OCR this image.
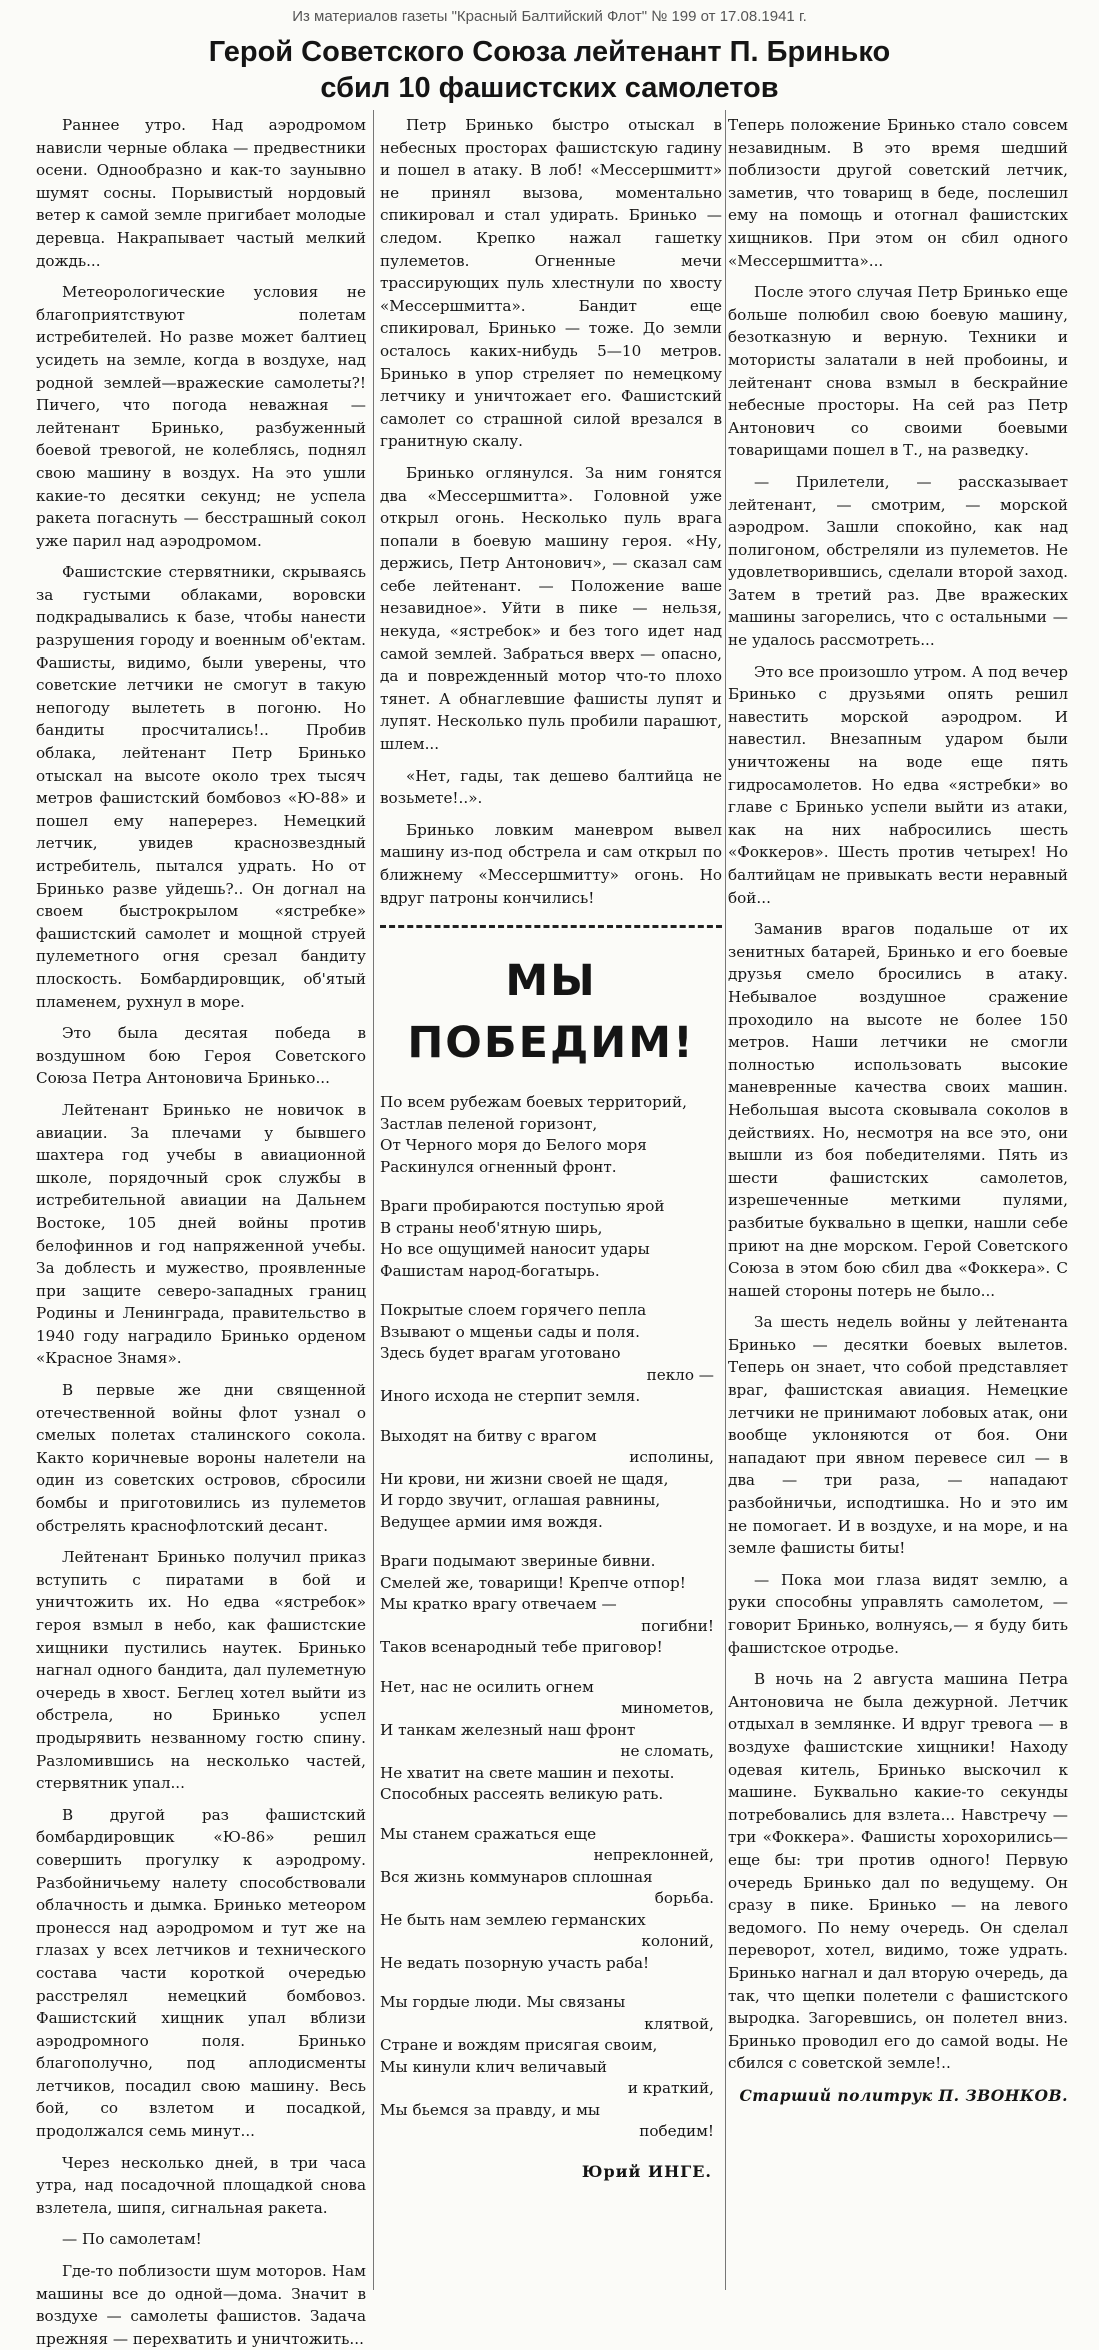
Из материалов газеты "Красный Балтийский Флот" № 199 от 17.08.1941 г.
Герой Советского Союза лейтенант П. Бринько
сбил 10 фашистских самолетов

Раннее утро. Над аэродромом нависли черные облака — предвестники осени. Однообразно и как-то заунывно шумят сосны. Порывистый нордовый ветер к самой земле пригибает молодые деревца. Накрапывает частый мелкий дождь...

Метеорологические условия не благоприятствуют полетам истребителей. Но разве может балтиец усидеть на земле, когда в воздухе, над родной землей—вражеские самолеты?! Пичего, что погода неважная — лейтенант Бринько, разбуженный боевой тревогой, не колеблясь, поднял свою машину в воздух. На это ушли какие-то десятки секунд; не успела ракета погаснуть — бесстрашный сокол уже парил над аэродромом.

Фашистские стервятники, скрываясь за густыми облаками, воровски подкрадывались к базе, чтобы нанести разрушения городу и военным об'ектам. Фашисты, видимо, были уверены, что советские летчики не смогут в такую непогоду вылететь в погоню. Но бандиты просчитались!.. Пробив облака, лейтенант Петр Бринько отыскал на высоте около трех тысяч метров фашистский бомбовоз «Ю-88» и пошел ему наперерез. Немецкий летчик, увидев краснозвездный истребитель, пытался удрать. Но от Бринько разве уйдешь?.. Он догнал на своем быстрокрылом «ястребке» фашистский самолет и мощной струей пулеметного огня срезал бандиту плоскость. Бомбардировщик, об'ятый пламенем, рухнул в море.

Это была десятая победа в воздушном бою Героя Советского Союза Петра Антоновича Бринько...

Лейтенант Бринько не новичок в авиации. За плечами у бывшего шахтера год учебы в авиационной школе, порядочный срок службы в истребительной авиации на Дальнем Востоке, 105 дней войны против белофиннов и год напряженной учебы. За доблесть и мужество, проявленные при защите северо-западных границ Родины и Ленинграда, правительство в 1940 году наградило Бринько орденом «Красное Знамя».

В первые же дни священной отечественной войны флот узнал о смелых полетах сталинского сокола. Както коричневые вороны налетели на один из советских островов, сбросили бомбы и приготовились из пулеметов обстрелять краснофлотский десант.

Лейтенант Бринько получил приказ вступить с пиратами в бой и уничтожить их. Но едва «ястребок» героя взмыл в небо, как фашистские хищники пустились наутек. Бринько нагнал одного бандита, дал пулеметную очередь в хвост. Беглец хотел выйти из обстрела, но Бринько успел продырявить незванному гостю спину. Разломившись на несколько частей, стервятник упал...

В другой раз фашистский бомбардировщик «Ю-86» решил совершить прогулку к аэродрому. Разбойничьему налету способствовали облачность и дымка. Бринько метеором пронесся над аэродромом и тут же на глазах у всех летчиков и технического состава части короткой очередью расстрелял немецкий бомбовоз. Фашистский хищник упал вблизи аэродромного поля. Бринько благополучно, под аплодисменты летчиков, посадил свою машину. Весь бой, со взлетом и посадкой, продолжался семь минут...

Через несколько дней, в три часа утра, над посадочной площадкой снова взлетела, шипя, сигнальная ракета.

— По самолетам!

Где-то поблизости шум моторов. Нам машины все до одной—дома. Значит в воздухе — самолеты фашистов. Задача прежняя — перехватить и уничтожить...

Петр Бринько быстро отыскал в небесных просторах фашистскую гадину и пошел в атаку. В лоб! «Мессершмитт» не принял вызова, моментально спикировал и стал удирать. Бринько — следом. Крепко нажал гашетку пулеметов. Огненные мечи трассирующих пуль хлестнули по хвосту «Мессершмитта». Бандит еще спикировал, Бринько — тоже. До земли осталось каких-нибудь 5—10 метров. Бринько в упор стреляет по немецкому летчику и уничтожает его. Фашистский самолет со страшной силой врезался в гранитную скалу.

Бринько оглянулся. За ним гонятся два «Мессершмитта». Головной уже открыл огонь. Несколько пуль врага попали в боевую машину героя. «Ну, держись, Петр Антонович», — сказал сам себе лейтенант. — Положение ваше незавидное». Уйти в пике — нельзя, некуда, «ястребок» и без того идет над самой землей. Забраться вверх — опасно, да и поврежденный мотор что-то плохо тянет. А обнаглевшие фашисты лупят и лупят. Несколько пуль пробили парашют, шлем...

«Нет, гады, так дешево балтийца не возьмете!..».

Бринько ловким маневром вывел машину из-под обстрела и сам открыл по ближнему «Мессершмитту» огонь. Но вдруг патроны кончились!

МЫ
ПОБЕДИМ!
По всем рубежам боевых территорий,
Застлав пеленой горизонт,
От Черного моря до Белого моря
Раскинулся огненный фронт.
Враги пробираются поступью ярой
В страны необ'ятную ширь,
Но все ощущимей наносит удары
Фашистам народ-богатырь.
Покрытые слоем горячего пепла
Взывают о мщеньи сады и поля.
Здесь будет врагам уготовано
пекло —
Иного исхода не стерпит земля.
Выходят на битву с врагом
исполины,
Ни крови, ни жизни своей не щадя,
И гордо звучит, оглашая равнины,
Ведущее армии имя вождя.
Враги подымают звериные бивни.
Смелей же, товарищи! Крепче отпор!
Мы кратко врагу отвечаем —
погибни!
Таков всенародный тебе приговор!
Нет, нас не осилить огнем
минометов,
И танкам железный наш фронт
не сломать,
Не хватит на свете машин и пехоты.
Способных рассеять великую рать.
Мы станем сражаться еще
непреклонней,
Вся жизнь коммунаров сплошная
борьба.
Не быть нам землею германских
колоний,
Не ведать позорную участь раба!
Мы гордые люди. Мы связаны
клятвой,
Стране и вождям присягая своим,
Мы кинули клич величавый
и краткий,
Мы бьемся за правду, и мы
победим!
Юрий ИНГЕ.

Теперь положение Бринько стало совсем незавидным. В это время шедший поблизости другой советский летчик, заметив, что товарищ в беде, послешил ему на помощь и отогнал фашистских хищников. При этом он сбил одного «Мессершмитта»...

После этого случая Петр Бринько еще больше полюбил свою боевую машину, безотказную и верную. Техники и мотористы залатали в ней пробоины, и лейтенант снова взмыл в бескрайние небесные просторы. На сей раз Петр Антонович со своими боевыми товарищами пошел в Т., на разведку.

— Прилетели, — рассказывает лейтенант, — смотрим, — морской аэродром. Зашли спокойно, как над полигоном, обстреляли из пулеметов. Не удовлетворившись, сделали второй заход. Затем в третий раз. Две вражеских машины загорелись, что с остальными — не удалось рассмотреть...

Это все произошло утром. А под вечер Бринько с друзьями опять решил навестить морской аэродром. И навестил. Внезапным ударом были уничтожены на воде еще пять гидросамолетов. Но едва «ястребки» во главе с Бринько успели выйти из атаки, как на них набросились шесть «Фоккеров». Шесть против четырех! Но балтийцам не привыкать вести неравный бой...

Заманив врагов подальше от их зенитных батарей, Бринько и его боевые друзья смело бросились в атаку. Небывалое воздушное сражение проходило на высоте не более 150 метров. Наши летчики не смогли полностью использовать высокие маневренные качества своих машин. Небольшая высота сковывала соколов в действиях. Но, несмотря на все это, они вышли из боя победителями. Пять из шести фашистских самолетов, изрешеченные меткими пулями, разбитые буквально в щепки, нашли себе приют на дне морском. Герой Советского Союза в этом бою сбил два «Фоккера». С нашей стороны потерь не было...

За шесть недель войны у лейтенанта Бринько — десятки боевых вылетов. Теперь он знает, что собой представляет враг, фашистская авиация. Немецкие летчики не принимают лобовых атак, они вообще уклоняются от боя. Они нападают при явном перевесе сил — в два — три раза, — нападают разбойничьи, исподтишка. Но и это им не помогает. И в воздухе, и на море, и на земле фашисты биты!

— Пока мои глаза видят землю, а руки способны управлять самолетом, — говорит Бринько, волнуясь,— я буду бить фашистское отродье.

В ночь на 2 августа машина Петра Антоновича не была дежурной. Летчик отдыхал в землянке. И вдруг тревога — в воздухе фашистские хищники! Находу одевая китель, Бринько выскочил к машине. Буквально какие-то секунды потребовались для взлета... Навстречу — три «Фоккера». Фашисты хорохорились—еще бы: три против одного! Первую очередь Бринько дал по ведущему. Он сразу в пике. Бринько — на левого ведомого. По нему очередь. Он сделал переворот, хотел, видимо, тоже удрать. Бринько нагнал и дал вторую очередь, да так, что щепки полетели с фашистского выродка. Загоревшись, он полетел вниз. Бринько проводил его до самой воды. Не сбился с советской земле!..

Старший политрук П. ЗВОНКОВ.
